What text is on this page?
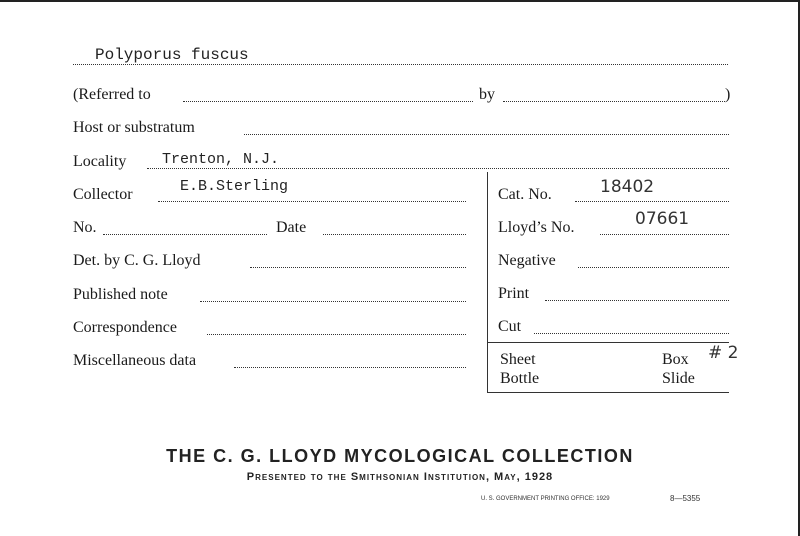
Polyporus fuscus
(Referred to	by	)
Host or substratum
Locality Trenton, N.J.
Collector	E.B.Sterling	Cat. No.	18402
No.	Date	Lloyd’s No.	07661
Det. by C. G. Lloyd	Negative
Published note	Print
Correspondence	Cut
Miscellaneous data	Sheet	Box # 2
Bottle	Slide
THE C. G. LLOYD MYCOLOGICAL COLLECTION
Presented to the Smithsonian Institution, May, 1928
U. S. GOVERNMENT PRINTING OFFICE: 1929	8—5355
